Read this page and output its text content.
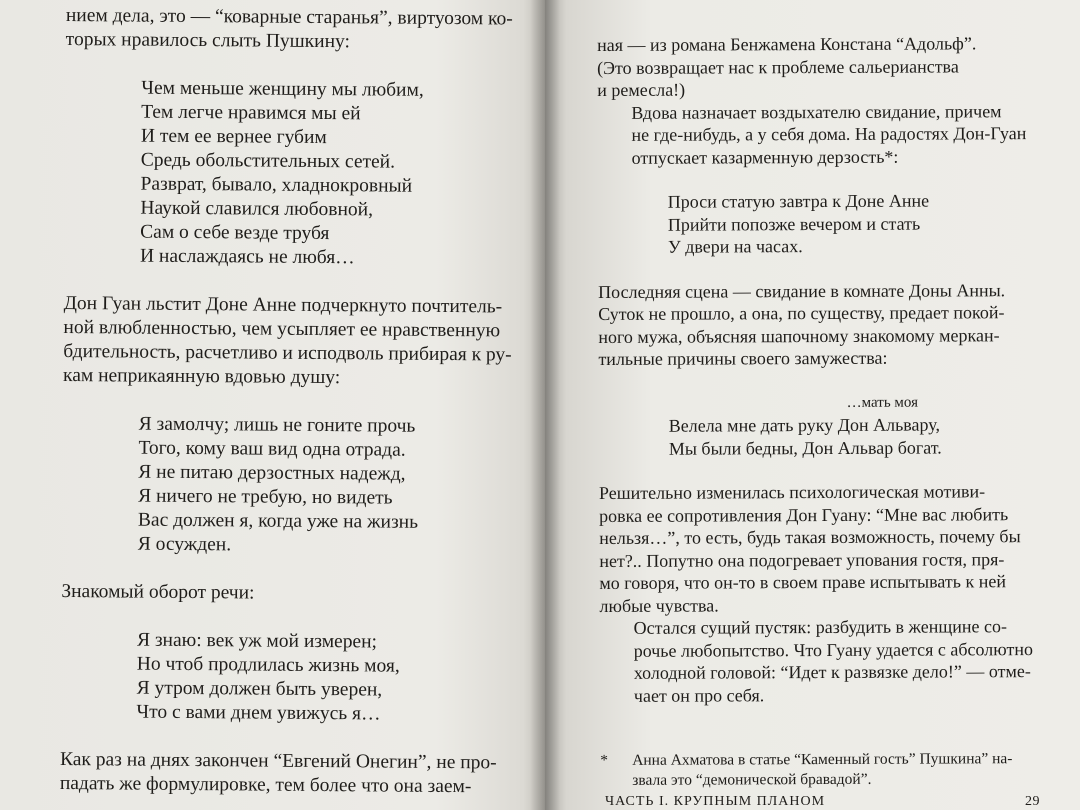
нием дела, это — “коварные старанья”, виртуозом ко-
торых нравилось слыть Пушкину:
Чем меньше женщину мы любим,
Тем легче нравимся мы ей
И тем ее вернее губим
Средь обольстительных сетей.
Разврат, бывало, хладнокровный
Наукой славился любовной,
Сам о себе везде трубя
И наслаждаясь не любя…
Дон Гуан льстит Доне Анне подчеркнуто почтитель-
ной влюбленностью, чем усыпляет ее нравственную
бдительность, расчетливо и исподволь прибирая к ру-
кам неприкаянную вдовью душу:
Я замолчу; лишь не гоните прочь
Того, кому ваш вид одна отрада.
Я не питаю дерзостных надежд,
Я ничего не требую, но видеть
Вас должен я, когда уже на жизнь
Я осужден.
Знакомый оборот речи:
Я знаю: век уж мой измерен;
Но чтоб продлилась жизнь моя,
Я утром должен быть уверен,
Что с вами днем увижусь я…
Как раз на днях закончен “Евгений Онегин”, не про-
падать же формулировке, тем более что она заем-
ная — из романа Бенжамена Констана “Адольф”.
(Это возвращает нас к проблеме сальерианства
и ремесла!)
Вдова назначает воздыхателю свидание, причем
не где-нибудь, а у себя дома. На радостях Дон-Гуан
отпускает казарменную дерзость*:
Проси статую завтра к Доне Анне
Прийти попозже вечером и стать
У двери на часах.
Последняя сцена — свидание в комнате Доны Анны.
Суток не прошло, а она, по существу, предает покой-
ного мужа, объясняя шапочному знакомому меркан-
тильные причины своего замужества:
…мать моя
Велела мне дать руку Дон Альвару,
Мы были бедны, Дон Альвар богат.
Решительно изменилась психологическая мотиви-
ровка ее сопротивления Дон Гуану: “Мне вас любить
нельзя…”, то есть, будь такая возможность, почему бы
нет?.. Попутно она подогревает упования гостя, пря-
мо говоря, что он-то в своем праве испытывать к ней
любые чувства.
Остался сущий пустяк: разбудить в женщине со-
рочье любопытство. Что Гуану удается с абсолютно
холодной головой: “Идет к развязке дело!” — отме-
чает он про себя.
* Анна Ахматова в статье “Каменный гость” Пушкина” на-
звала это “демонической бравадой”.
ЧАСТЬ I. КРУПНЫМ ПЛАНОМ	29
